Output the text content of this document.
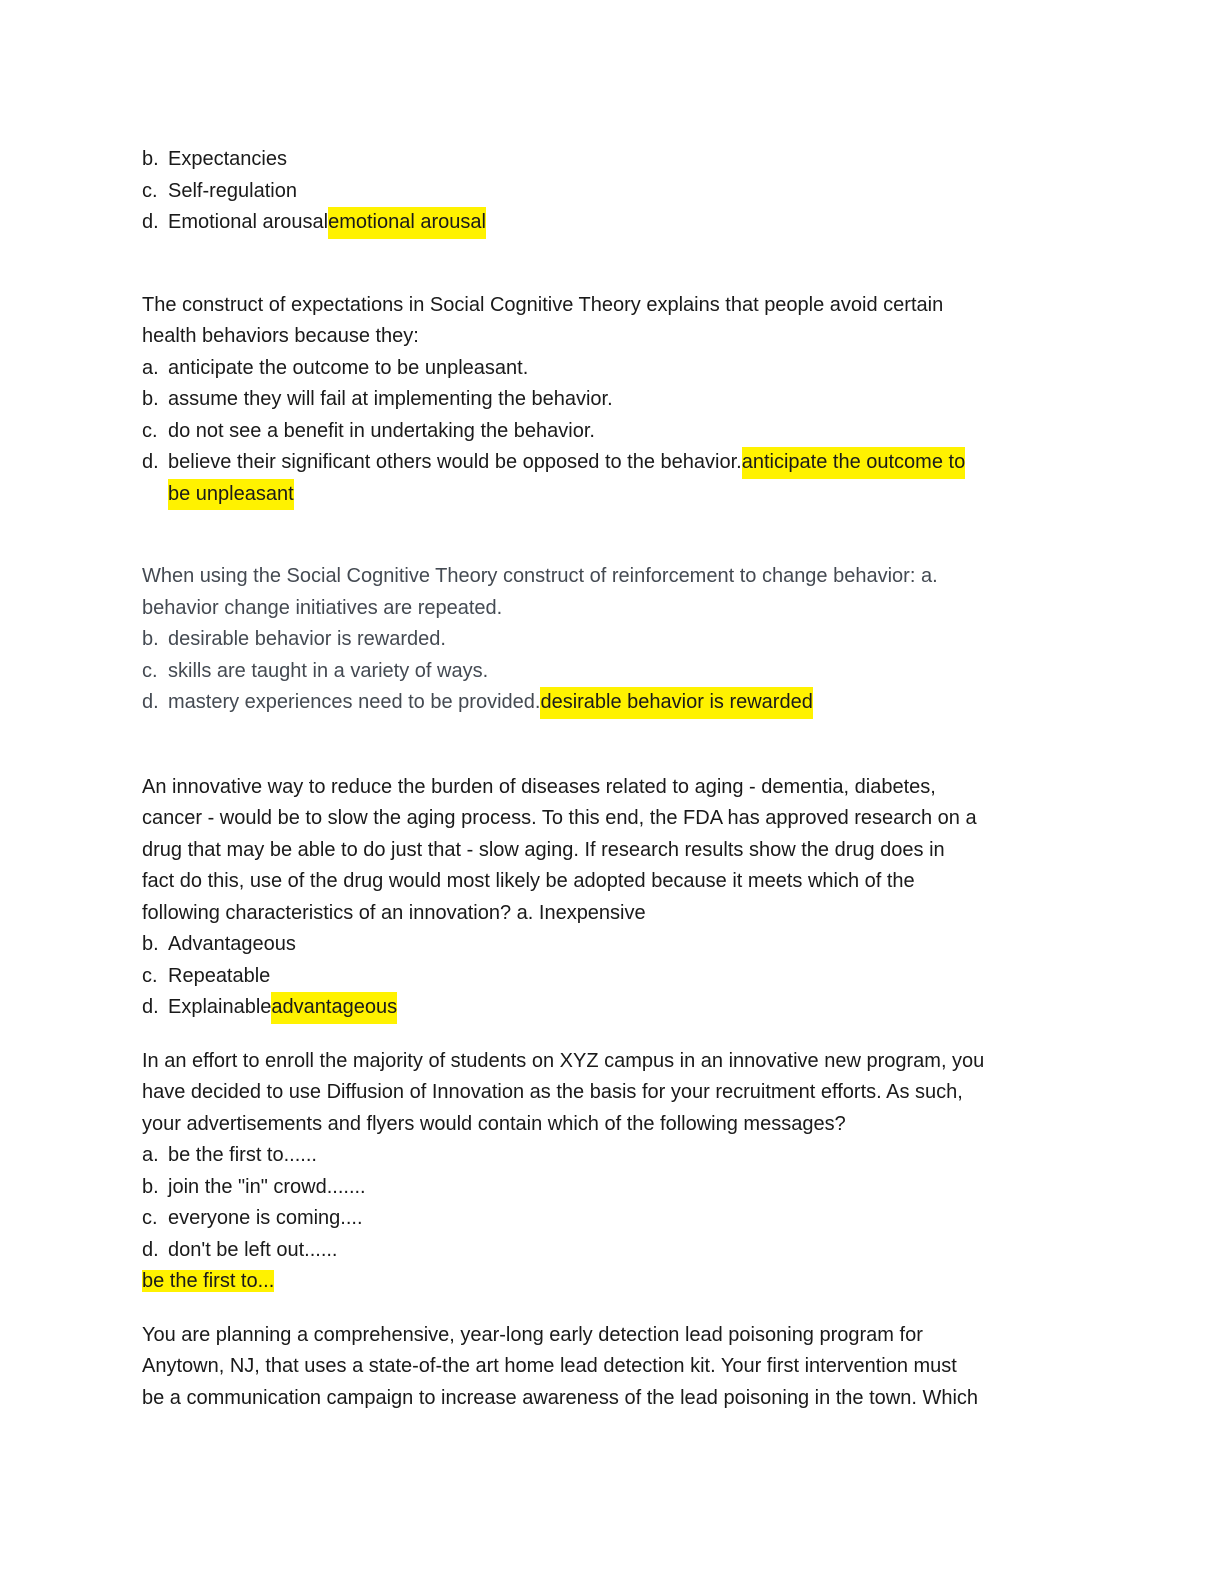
b. Expectancies
c. Self-regulation
d. Emotional arousal emotional arousal
The construct of expectations in Social Cognitive Theory explains that people avoid certain
health behaviors because they:
a. anticipate the outcome to be unpleasant.
b. assume they will fail at implementing the behavior.
c. do not see a benefit in undertaking the behavior.
d. believe their significant others would be opposed to the behavior. anticipate the outcome to
be unpleasant
When using the Social Cognitive Theory construct of reinforcement to change behavior: a.
behavior change initiatives are repeated.
b. desirable behavior is rewarded.
c. skills are taught in a variety of ways.
d. mastery experiences need to be provided. desirable behavior is rewarded
An innovative way to reduce the burden of diseases related to aging - dementia, diabetes,
cancer - would be to slow the aging process. To this end, the FDA has approved research on a
drug that may be able to do just that - slow aging. If research results show the drug does in
fact do this, use of the drug would most likely be adopted because it meets which of the
following characteristics of an innovation? a. Inexpensive
b. Advantageous
c. Repeatable
d. Explainable advantageous
In an effort to enroll the majority of students on XYZ campus in an innovative new program, you
have decided to use Diffusion of Innovation as the basis for your recruitment efforts. As such,
your advertisements and flyers would contain which of the following messages?
a. be the first to......
b. join the "in" crowd.......
c. everyone is coming....
d. don't be left out......
be the first to...
You are planning a comprehensive, year-long early detection lead poisoning program for
Anytown, NJ, that uses a state-of-the art home lead detection kit. Your first intervention must
be a communication campaign to increase awareness of the lead poisoning in the town. Which
